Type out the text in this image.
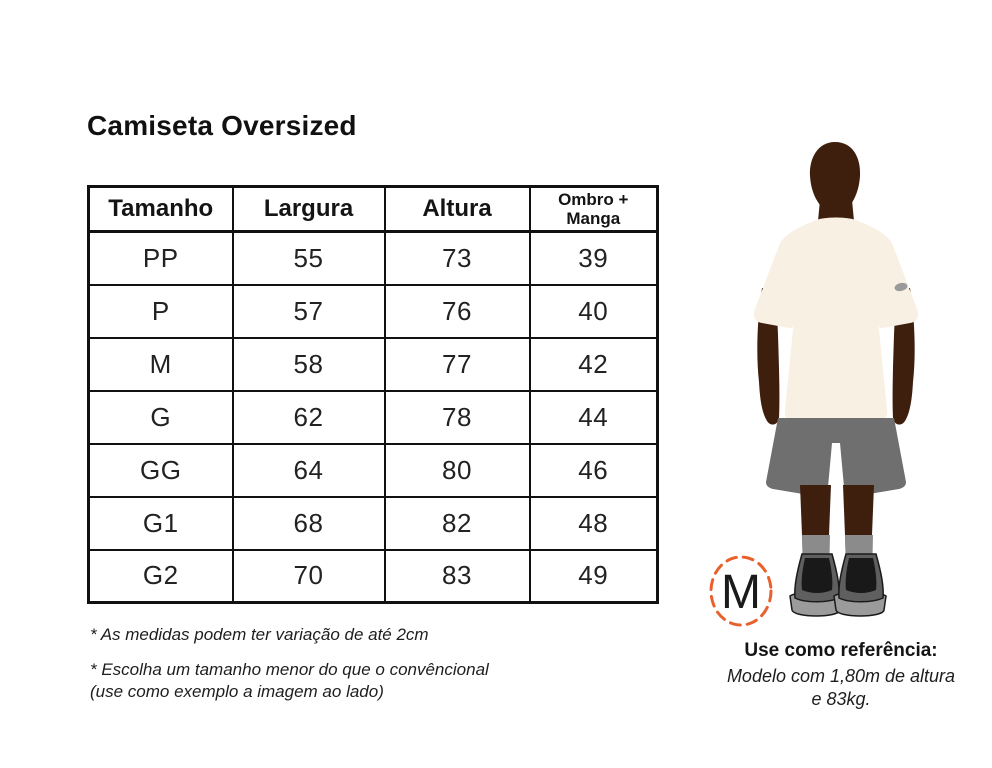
Camiseta Oversized
Tamanho	Largura	Altura	Ombro + Manga
PP	55	73	39
P	57	76	40
M	58	77	42
G	62	78	44
GG	64	80	46
G1	68	82	48
G2	70	83	49
* As medidas podem ter variação de até 2cm
* Escolha um tamanho menor do que o convêncional
(use como exemplo a imagem ao lado)
M
Use como referência:
Modelo com 1,80m de altura
e 83kg.
